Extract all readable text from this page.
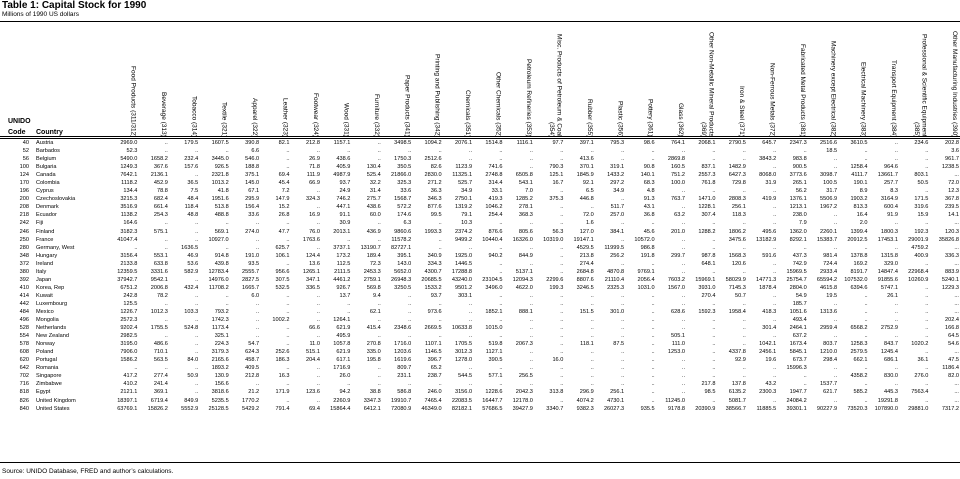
Table 1: Capital Stock for 1990
Millions of 1990 US dollars
UNIDO
Code Country	Food Products (311/312)	Beverage (313)	Tobacco (314)	Textile (321)	Apparel (322)	Leather (323)	Footwear (324)	Wood (331)	Furniture (332)	Paper Products (341)	Printing and Publishing (342)	Chemicals (351)	Other Chemicals (352)	Petroleum Refineries (353)	Misc. Products of Petroleum & Coal (354)	Rubber (355)	Plastic (356)	Pottery (361)	Glass (362)	Other Non-Metallic Mineral Products (369)	Iron & Steel (371)	Non-Ferrous Metals (372)	Fabricated Metal Products (381)	Machinery except Electrical (382)	Electrical Machinery (383)	Transport Equipment (384)	Professional & Scientific Equipment (385)	Other Manufacturing Industries (390)
40	Austria	2969.0	..	179.5	1607.5	390.8	82.1	212.8	1157.1	..	3498.5	1094.2	2076.1	1514.8	1116.1	97.7	397.1	795.3	98.6	764.1	2068.1	2790.5	645.7	2347.3	2516.6	3610.5	..	234.6	202.8
52	Barbados	52.3	..	..	..	6.6	..	..	..	..	..	..	..	..	..	..	..	..	..	..	..	..	..	..	18.5	..	..	..	3.6
56	Belgium	5490.0	1658.2	232.4	3445.0	546.0	..	26.9	438.6	..	1750.3	2512.6	..	..	..	..	413.6	..	..	2869.8	..	..	3843.2	983.8	..	..	..	..	961.7
100	Bulgaria	1249.3	367.6	157.6	926.5	188.8	..	71.8	405.9	130.4	350.5	82.6	1123.9	741.6	..	790.3	370.1	319.1	90.8	160.5	837.1	1482.9	..	900.5	..	1258.4	964.6	..	1238.5
124	Canada	7642.1	2136.1	..	2321.8	375.1	69.4	111.9	4987.9	525.4	21866.0	2830.0	11325.1	2748.8	6505.8	125.1	1845.9	1433.2	140.1	751.2	2557.3	6427.3	8068.0	3773.6	3098.7	4111.7	13661.7	803.1	...
170	Colombia	1118.2	452.9	36.5	1013.2	145.0	45.4	66.9	93.7	32.2	325.3	271.2	525.7	314.4	543.1	16.7	92.1	297.2	68.3	100.0	761.8	729.8	31.9	265.1	100.5	190.1	257.7	50.5	72.0
196	Cyprus	134.4	78.8	7.5	41.8	67.1	7.2	..	24.9	31.4	33.6	36.3	34.9	33.1	7.0	..	6.5	34.9	4.8	..	..	..	..	56.2	31.7	8.9	8.3	..	12.3
200	Czechoslovakia	3215.3	682.4	48.4	1951.6	295.9	147.9	324.3	746.2	275.7	1568.7	346.3	2750.1	419.3	1285.2	375.3	446.8	..	91.3	763.7	1471.0	2808.3	419.9	1376.1	5506.9	1903.2	3164.9	171.5	367.8
208	Denmark	3516.9	661.4	118.4	513.8	156.4	15.2	..	447.1	438.6	572.2	877.6	1319.2	1046.2	278.1	..	..	511.7	43.1	..	1228.1	256.1	..	1213.1	1967.2	813.3	600.4	319.6	239.5
218	Ecuador	1138.2	254.3	48.8	488.8	33.6	26.8	16.9	91.1	60.0	174.6	99.5	79.1	254.4	368.3	..	72.0	257.0	36.8	63.2	307.4	118.3	..	238.0	..	16.4	91.9	15.9	14.1
242	Fiji	164.6	..	..	..	..	..	..	30.9	..	6.3	..	10.3	..	..	..	1.6	..	..	..	..	..	..	7.9	..	2.0	..	..	...
246	Finland	3182.3	575.1	..	569.1	274.0	47.7	76.0	2013.1	436.9	9860.6	1993.3	2374.2	876.6	805.6	56.3	127.0	384.1	45.6	201.0	1288.2	1806.2	495.6	1362.0	2260.1	1399.4	1800.3	192.3	120.3
250	France	41047.4	..	..	10927.0	..	..	1763.6	..	..	11578.2	..	9499.2	10440.4	16326.0	10319.0	19147.1	..	10572.0	..	..	3475.6	13182.9	8292.1	15383.7	20912.5	17453.1	29001.9	35826.8
280	Germany, West	..	..	1636.5	..	..	625.7	..	3737.1	13190.7	82727.1	..	..	..	..	..	4529.5	11999.5	986.8	..	..	..	..	..	..	..	..	4759.2	...
348	Hungary	3156.4	553.1	46.9	914.8	191.0	106.1	124.4	173.2	189.4	395.1	340.9	1925.0	940.2	844.9	..	213.8	256.2	191.8	299.7	987.8	1568.3	591.6	437.3	981.4	1378.8	1315.8	400.9	336.3
372	Ireland	2133.8	633.8	53.6	439.8	93.5	..	13.6	112.5	72.3	143.0	334.3	1446.5	..	..	..	274.4	..	..	..	648.1	120.6	..	742.9	724.4	169.2	329.0	..	...
380	Italy	12359.5	3331.6	582.9	12783.4	2555.7	956.6	1265.1	2111.5	2453.3	5652.0	4300.7	17288.8	..	5137.1	..	2684.8	4870.8	9769.1	..	..	..	..	15969.5	2933.4	8191.7	14847.4	22968.4	883.9
392	Japan	37942.7	9542.1	..	14976.0	2827.5	307.5	347.1	4461.2	2759.1	26948.3	20685.5	43240.0	23104.5	12094.3	2299.6	8807.6	21110.4	2056.4	7603.2	15969.1	58029.9	14771.3	25754.7	65594.2	107532.0	91855.6	10260.9	5240.1
410	Korea, Rep	6751.2	2006.8	432.4	11708.2	1665.7	532.5	336.5	926.7	569.8	3250.5	1533.2	9501.2	3496.0	4622.0	199.3	3246.5	2325.3	1031.0	1567.0	3931.0	7145.3	1878.4	2804.0	4615.8	6394.6	5747.1	..	1229.3
414	Kuwait	242.8	78.2	..	..	6.0	..	..	13.7	9.4	..	93.7	303.1	..	..	..	..	..	..	..	270.4	50.7	..	54.9	19.5	..	26.1	..	...
442	Luxembourg	125.5	..	..	..	..	..	..	..	..	..	..	..	..	..	..	..	..	..	..	..	..	..	185.7	..	..	..	..	...
484	Mexico	1226.7	1012.3	103.3	793.2	..	..	..	..	62.1	..	973.6	..	1852.1	888.1	..	151.5	301.0	..	628.6	1592.3	1958.4	418.3	1051.6	1313.6	..	..	..	...
496	Mongolia	2572.3	..	..	1742.3	..	1002.2	..	1264.1	..	..	..	..	..	..	..	..	..	..	..	..	..	..	493.4	..	..	..	..	202.4
528	Netherlands	9202.4	1755.5	524.8	1173.4	..	..	66.6	621.9	415.4	2348.6	2669.5	10633.8	1015.0	..	..	..	..	..	..	..	..	301.4	2464.1	2959.4	6568.2	2752.9	..	166.8
554	New Zealand	2982.5	..	..	325.1	..	..	..	495.9	..	..	..	..	..	..	..	..	..	..	505.1	..	..	..	637.2	..	..	..	..	64.5
578	Norway	3195.0	486.6	..	224.3	54.7	..	11.0	1057.8	270.8	1716.0	1107.1	1705.5	519.8	2067.3	..	118.1	87.5	..	111.0	..	..	1042.1	1673.4	803.7	1258.3	843.7	1020.2	54.6
608	Poland	7906.0	710.1	..	3179.3	624.3	252.6	515.1	621.9	335.0	1203.6	1146.5	3012.3	1127.1	..	..	..	..	..	1253.0	..	4337.8	2456.1	5845.1	1210.0	2579.5	1245.4	..	...
620	Portugal	1586.2	563.5	84.0	2165.6	458.7	186.3	204.4	617.1	195.8	1619.6	396.7	1278.0	390.5	..	16.0	..	..	..	..	..	92.9	19.6	673.7	298.4	662.1	686.1	36.1	47.5
642	Romania	..	..	..	1893.2	409.5	..	..	1716.9	..	809.7	65.2	..	..	..	..	..	..	..	..	..	..	..	15996.3	..	..	..	..	1186.4
702	Singapore	417.2	277.4	50.9	130.9	212.8	16.3	..	26.0	..	231.1	238.7	544.5	577.1	256.5	..	..	..	..	..	..	..	..	..	..	4358.2	830.0	276.0	82.0
716	Zimbabwe	410.2	241.4	..	156.6	..	..	..	..	..	..	..	..	..	..	..	..	..	..	..	217.8	137.8	43.2	..	1537.7	..	..	..	...
818	Egypt	2121.1	369.1	..	3818.6	21.2	171.9	123.6	94.2	38.8	586.8	246.0	3156.0	1228.6	2042.3	313.8	296.9	256.1	..	..	98.5	6135.2	2300.3	1947.7	621.7	585.2	445.3	7563.4	...
826	United Kingdom	18397.1	6719.4	849.9	5235.5	1770.2	..	..	2260.9	3347.3	19910.7	7465.4	22083.5	16447.7	12178.0	..	4074.2	4730.1	..	11245.0	..	5081.7	..	24084.2	..	..	19291.8	..	...
840	United States	63769.1	15826.2	5552.9	25128.5	5429.2	791.4	69.4	15864.4	6412.1	72080.9	46349.0	82182.1	57686.5	39427.9	3340.7	9382.3	26027.3	935.5	9178.8	20390.9	38566.7	11885.5	39301.1	90227.9	73520.3	107890.0	29881.0	7317.2
Source: UNIDO Database, FRED and author’s calculations.
